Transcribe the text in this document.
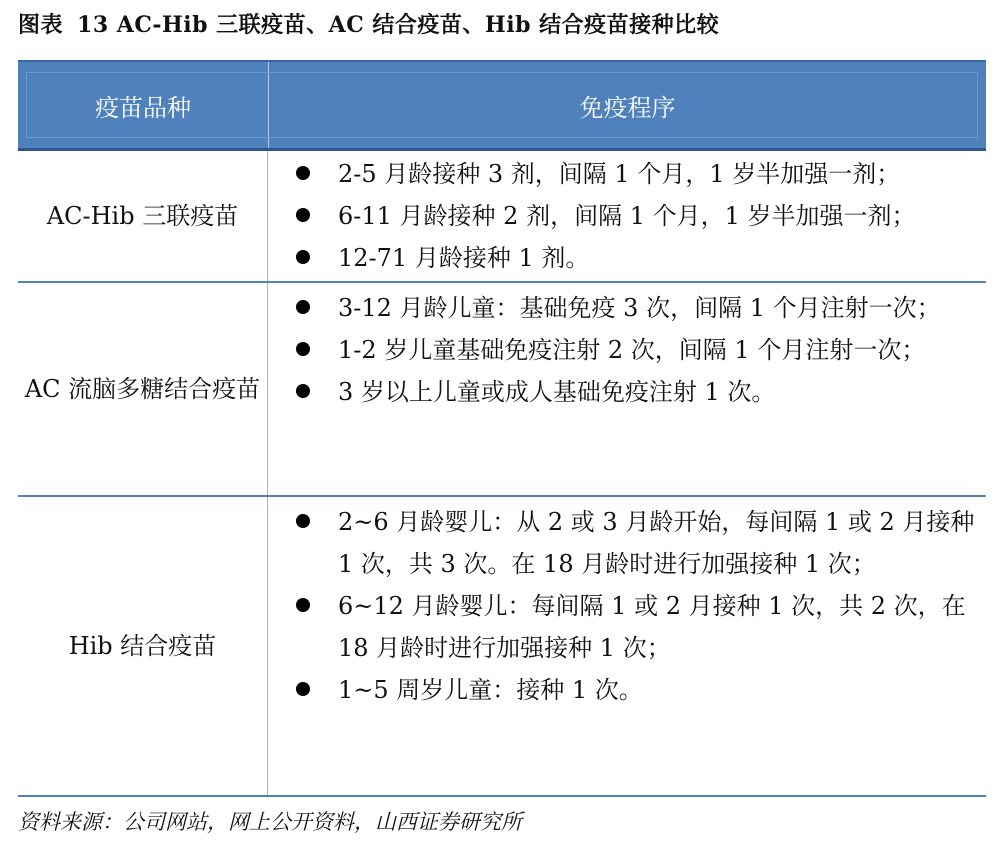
图表 13 AC-Hib 三联疫苗、AC 结合疫苗、Hib 结合疫苗接种比较
疫苗品种	免疫程序
AC-Hib 三联疫苗
2-5 月龄接种 3 剂，间隔 1 个月，1 岁半加强一剂；
6-11 月龄接种 2 剂，间隔 1 个月，1 岁半加强一剂；
12-71 月龄接种 1 剂。
AC 流脑多糖结合疫苗
3-12 月龄儿童：基础免疫 3 次，间隔 1 个月注射一次；
1-2 岁儿童基础免疫注射 2 次，间隔 1 个月注射一次；
3 岁以上儿童或成人基础免疫注射 1 次。
Hib 结合疫苗
2~6 月龄婴儿：从 2 或 3 月龄开始，每间隔 1 或 2 月接种 1 次，共 3 次。在 18 月龄时进行加强接种 1 次；
6~12 月龄婴儿：每间隔 1 或 2 月接种 1 次，共 2 次，在 18 月龄时进行加强接种 1 次；
1~5 周岁儿童：接种 1 次。
资料来源：公司网站，网上公开资料，山西证券研究所
